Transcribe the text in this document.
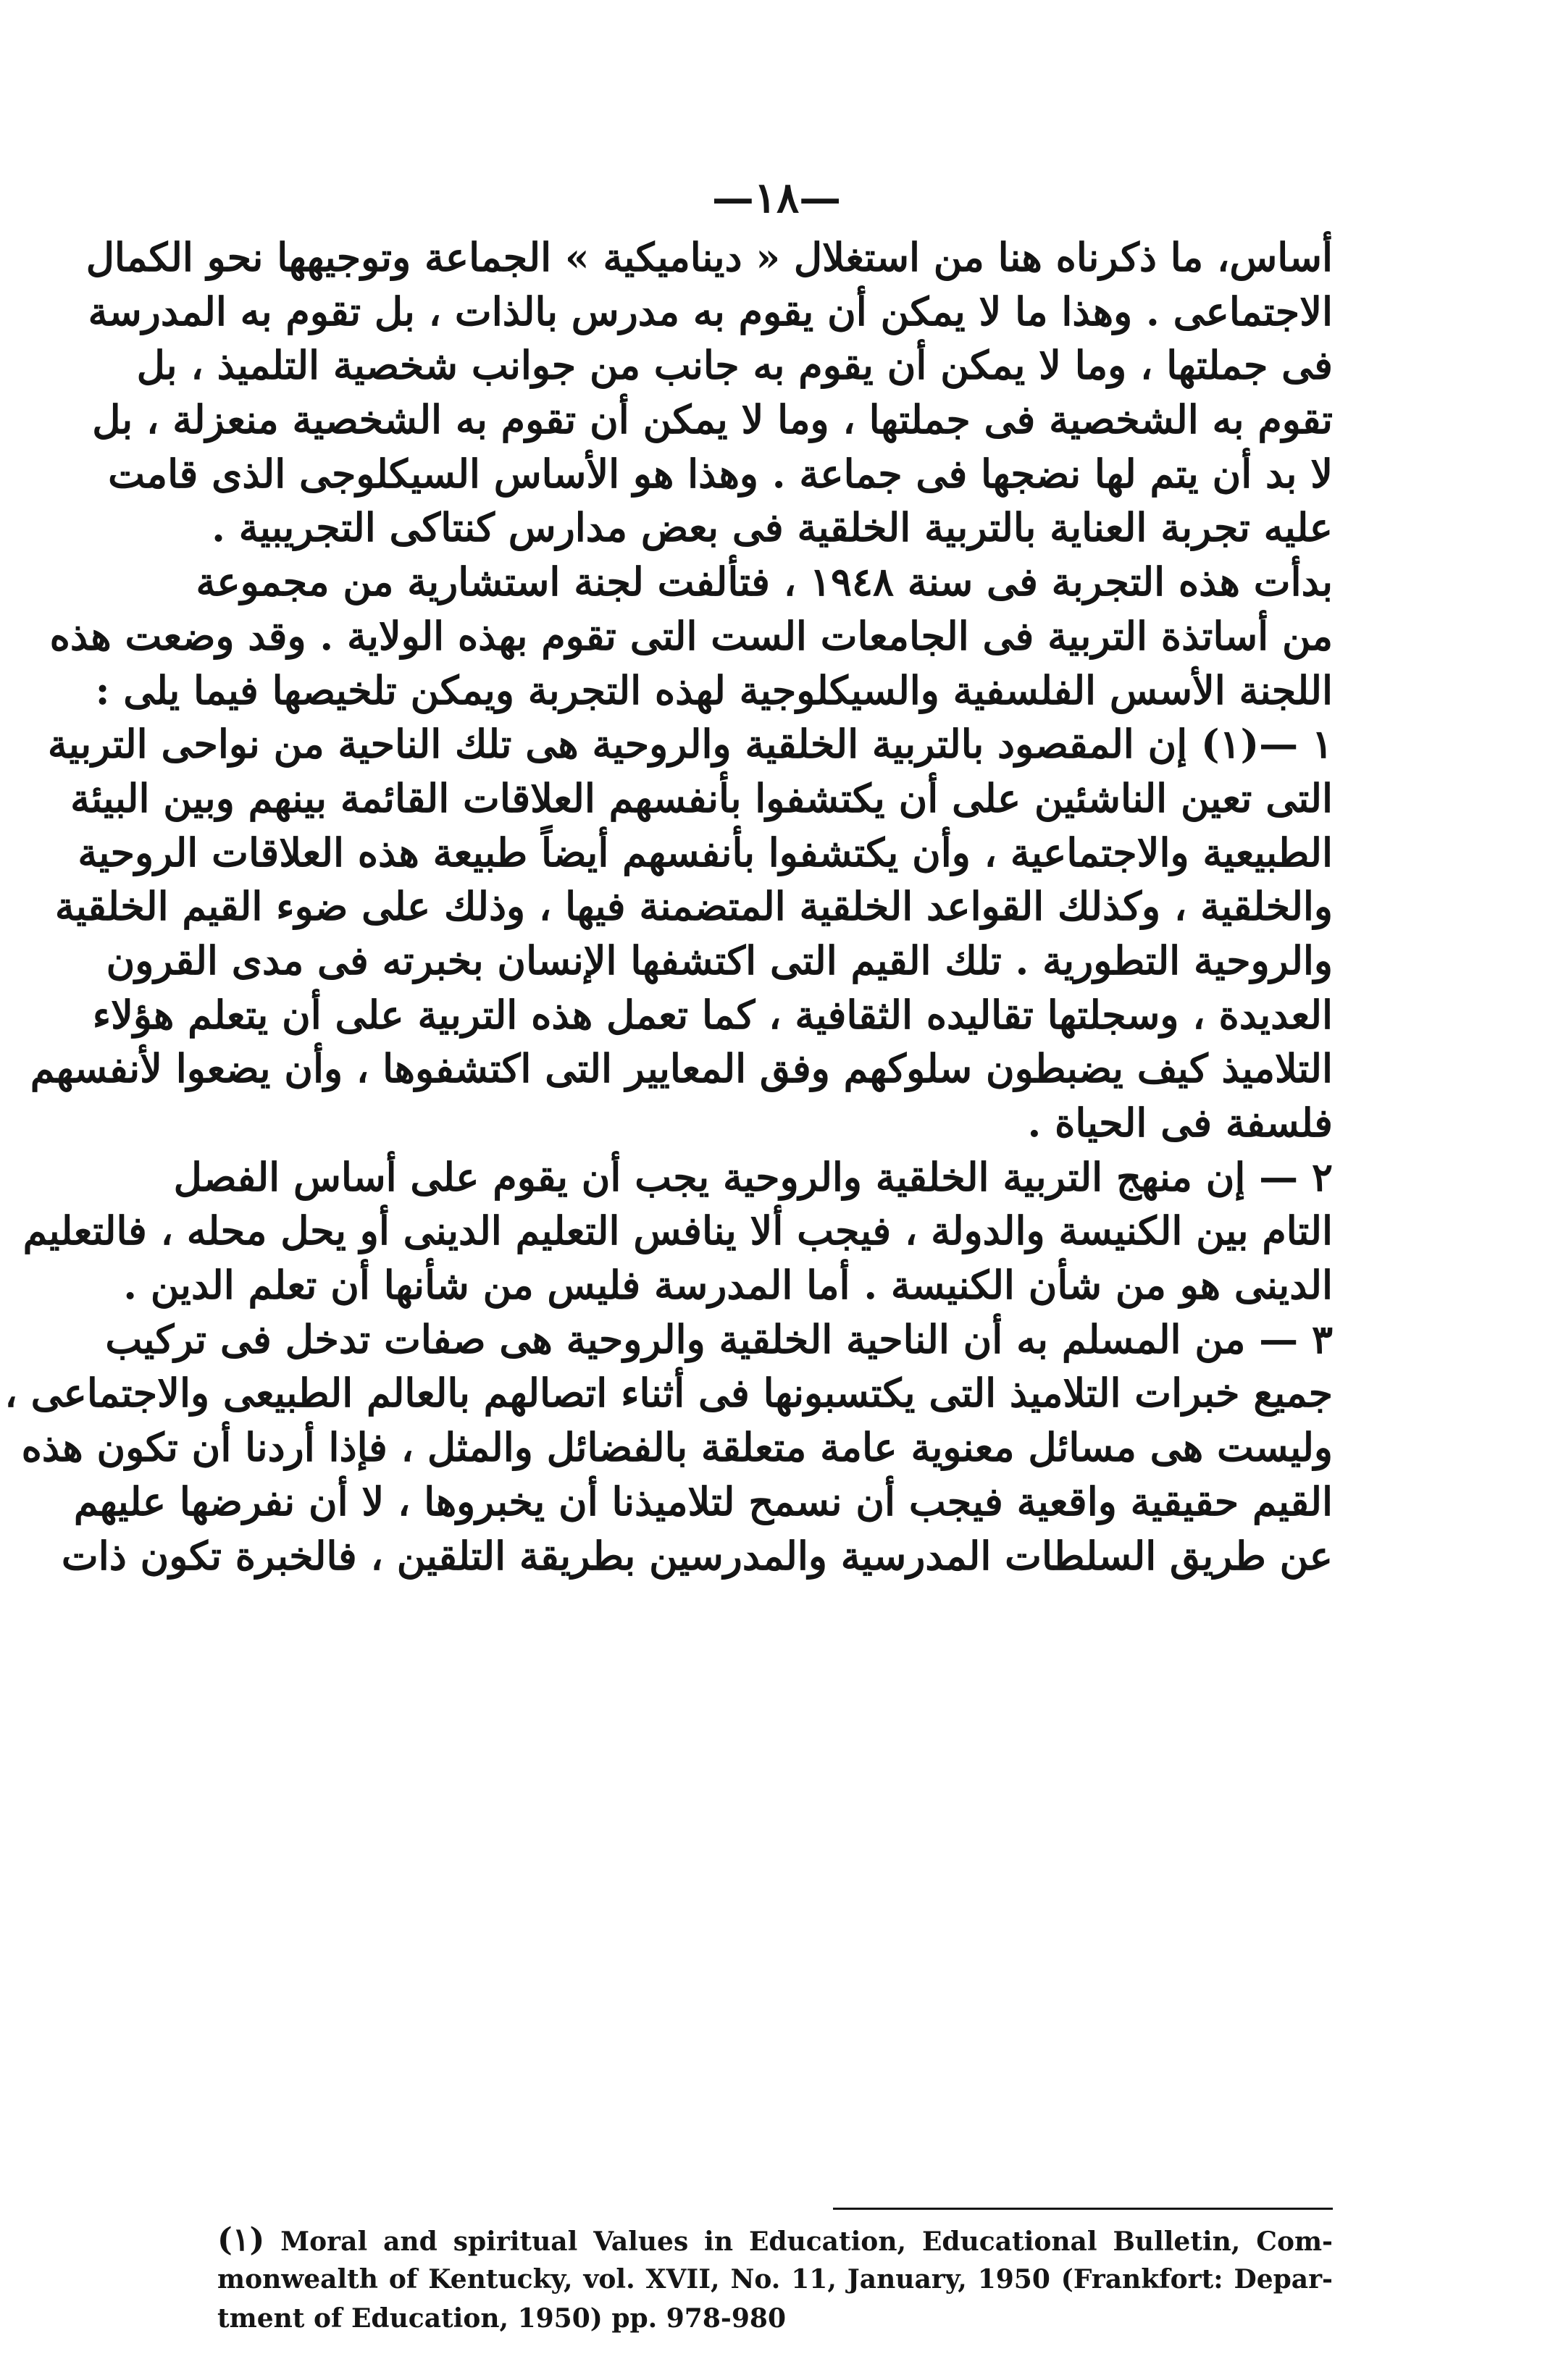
—١٨—
أساس، ما ذكرناه هنا من استغلال « ديناميكية » الجماعة وتوجيهها نحو الكمال
الاجتماعى . وهذا ما لا يمكن أن يقوم به مدرس بالذات ، بل تقوم به المدرسة
فى جملتها ، وما لا يمكن أن يقوم به جانب من جوانب شخصية التلميذ ، بل
تقوم به الشخصية فى جملتها ، وما لا يمكن أن تقوم به الشخصية منعزلة ، بل
لا بد أن يتم لها نضجها فى جماعة . وهذا هو الأساس السيكلوجى الذى قامت
عليه تجربة العناية بالتربية الخلقية فى بعض مدارس كنتاكى التجريبية .
بدأت هذه التجربة فى سنة ١٩٤٨ ، فتألفت لجنة استشارية من مجموعة
من أساتذة التربية فى الجامعات الست التى تقوم بهذه الولاية . وقد وضعت هذه
اللجنة الأسس الفلسفية والسيكلوجية لهذه التجربة ويمكن تلخيصها فيما يلى :
١ —(١) إن المقصود بالتربية الخلقية والروحية هى تلك الناحية من نواحى التربية
التى تعين الناشئين على أن يكتشفوا بأنفسهم العلاقات القائمة بينهم وبين البيئة
الطبيعية والاجتماعية ، وأن يكتشفوا بأنفسهم أيضاً طبيعة هذه العلاقات الروحية
والخلقية ، وكذلك القواعد الخلقية المتضمنة فيها ، وذلك على ضوء القيم الخلقية
والروحية التطورية . تلك القيم التى اكتشفها الإنسان بخبرته فى مدى القرون
العديدة ، وسجلتها تقاليده الثقافية ، كما تعمل هذه التربية على أن يتعلم هؤلاء
التلاميذ كيف يضبطون سلوكهم وفق المعايير التى اكتشفوها ، وأن يضعوا لأنفسهم
فلسفة فى الحياة .
٢ — إن منهج التربية الخلقية والروحية يجب أن يقوم على أساس الفصل
التام بين الكنيسة والدولة ، فيجب ألا ينافس التعليم الدينى أو يحل محله ، فالتعليم
الدينى هو من شأن الكنيسة . أما المدرسة فليس من شأنها أن تعلم الدين .
٣ — من المسلم به أن الناحية الخلقية والروحية هى صفات تدخل فى تركيب
جميع خبرات التلاميذ التى يكتسبونها فى أثناء اتصالهم بالعالم الطبيعى والاجتماعى ،
وليست هى مسائل معنوية عامة متعلقة بالفضائل والمثل ، فإذا أردنا أن تكون هذه
القيم حقيقية واقعية فيجب أن نسمح لتلاميذنا أن يخبروها ، لا أن نفرضها عليهم
عن طريق السلطات المدرسية والمدرسين بطريقة التلقين ، فالخبرة تكون ذات
(١) Moral and spiritual Values in Education, Educational Bulletin, Com-
monwealth of Kentucky, vol. XVII, No. 11, January, 1950 (Frankfort: Depar-
tment of Education, 1950) pp. 978-980
